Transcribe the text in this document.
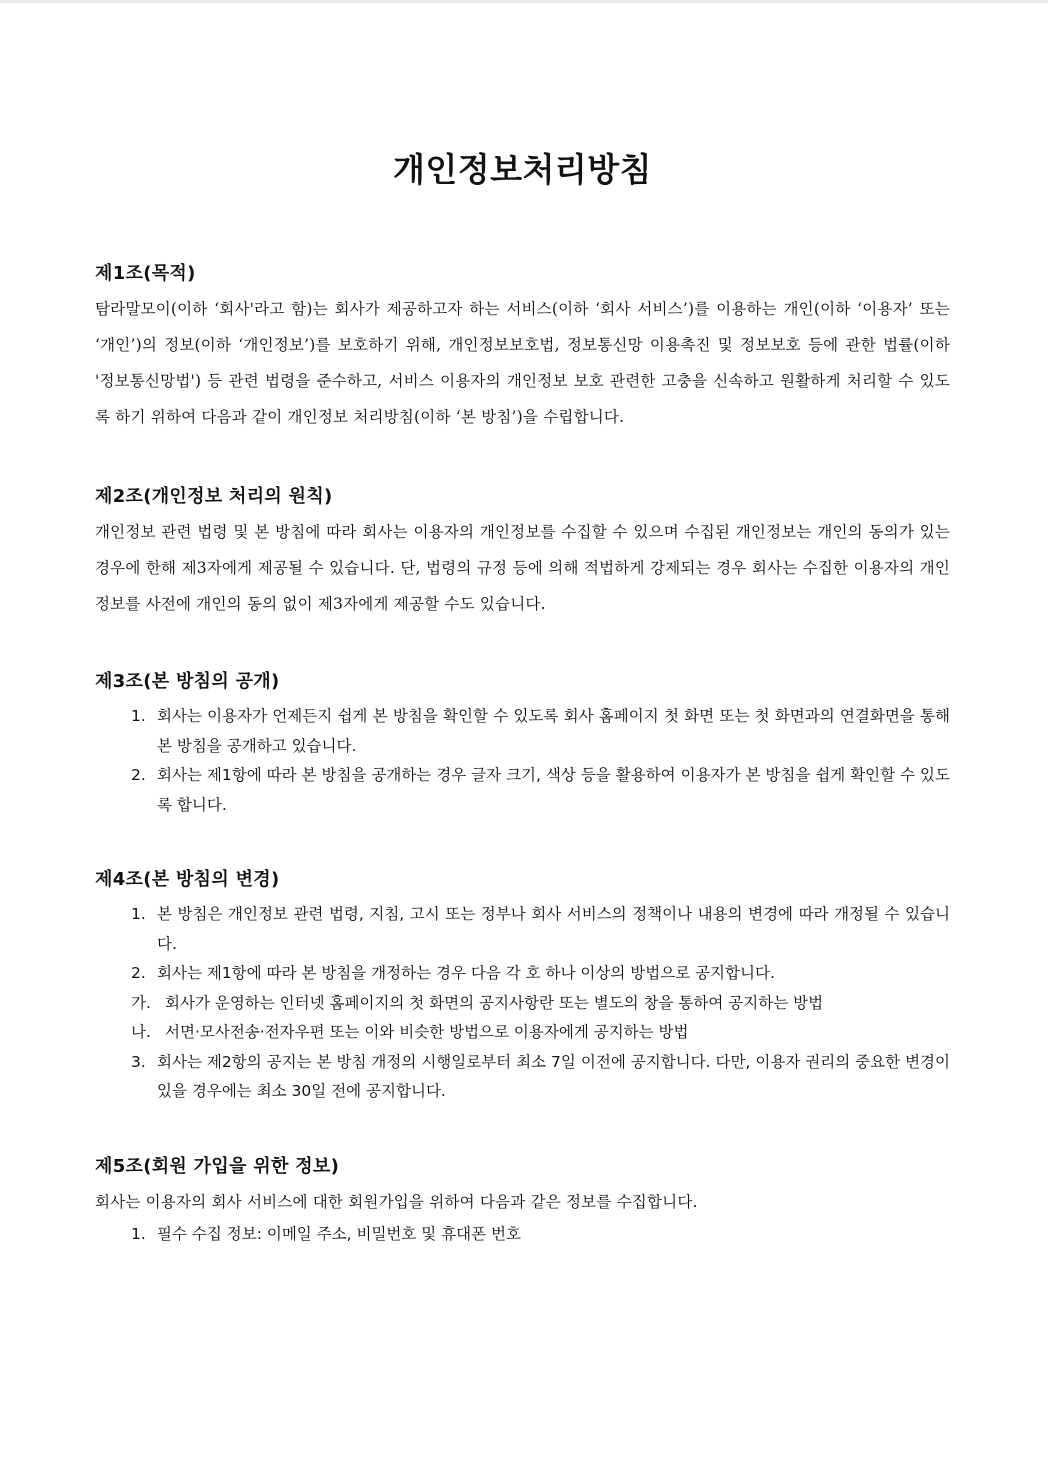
개인정보처리방침
제1조(목적)

탐라말모이(이하 ‘회사'라고 함)는 회사가 제공하고자 하는 서비스(이하 ‘회사 서비스’)를 이용하는 개인(이하 ‘이용자’ 또는 ‘개인’)의 정보(이하 ‘개인정보’)를 보호하기 위해, 개인정보보호법, 정보통신망 이용촉진 및 정보보호 등에 관한 법률(이하 '정보통신망법') 등 관련 법령을 준수하고, 서비스 이용자의 개인정보 보호 관련한 고충을 신속하고 원활하게 처리할 수 있도록 하기 위하여 다음과 같이 개인정보 처리방침(이하 ‘본 방침’)을 수립합니다.

제2조(개인정보 처리의 원칙)

개인정보 관련 법령 및 본 방침에 따라 회사는 이용자의 개인정보를 수집할 수 있으며 수집된 개인정보는 개인의 동의가 있는 경우에 한해 제3자에게 제공될 수 있습니다. 단, 법령의 규정 등에 의해 적법하게 강제되는 경우 회사는 수집한 이용자의 개인정보를 사전에 개인의 동의 없이 제3자에게 제공할 수도 있습니다.

제3조(본 방침의 공개)
1. 회사는 이용자가 언제든지 쉽게 본 방침을 확인할 수 있도록 회사 홈페이지 첫 화면 또는 첫 화면과의 연결화면을 통해 본 방침을 공개하고 있습니다.
2. 회사는 제1항에 따라 본 방침을 공개하는 경우 글자 크기, 색상 등을 활용하여 이용자가 본 방침을 쉽게 확인할 수 있도록 합니다.
제4조(본 방침의 변경)
1. 본 방침은 개인정보 관련 법령, 지침, 고시 또는 정부나 회사 서비스의 정책이나 내용의 변경에 따라 개정될 수 있습니다.
2. 회사는 제1항에 따라 본 방침을 개정하는 경우 다음 각 호 하나 이상의 방법으로 공지합니다.
가. 회사가 운영하는 인터넷 홈페이지의 첫 화면의 공지사항란 또는 별도의 창을 통하여 공지하는 방법
나. 서면·모사전송·전자우편 또는 이와 비슷한 방법으로 이용자에게 공지하는 방법
3. 회사는 제2항의 공지는 본 방침 개정의 시행일로부터 최소 7일 이전에 공지합니다. 다만, 이용자 권리의 중요한 변경이 있을 경우에는 최소 30일 전에 공지합니다.
제5조(회원 가입을 위한 정보)

회사는 이용자의 회사 서비스에 대한 회원가입을 위하여 다음과 같은 정보를 수집합니다.

1. 필수 수집 정보: 이메일 주소, 비밀번호 및 휴대폰 번호
